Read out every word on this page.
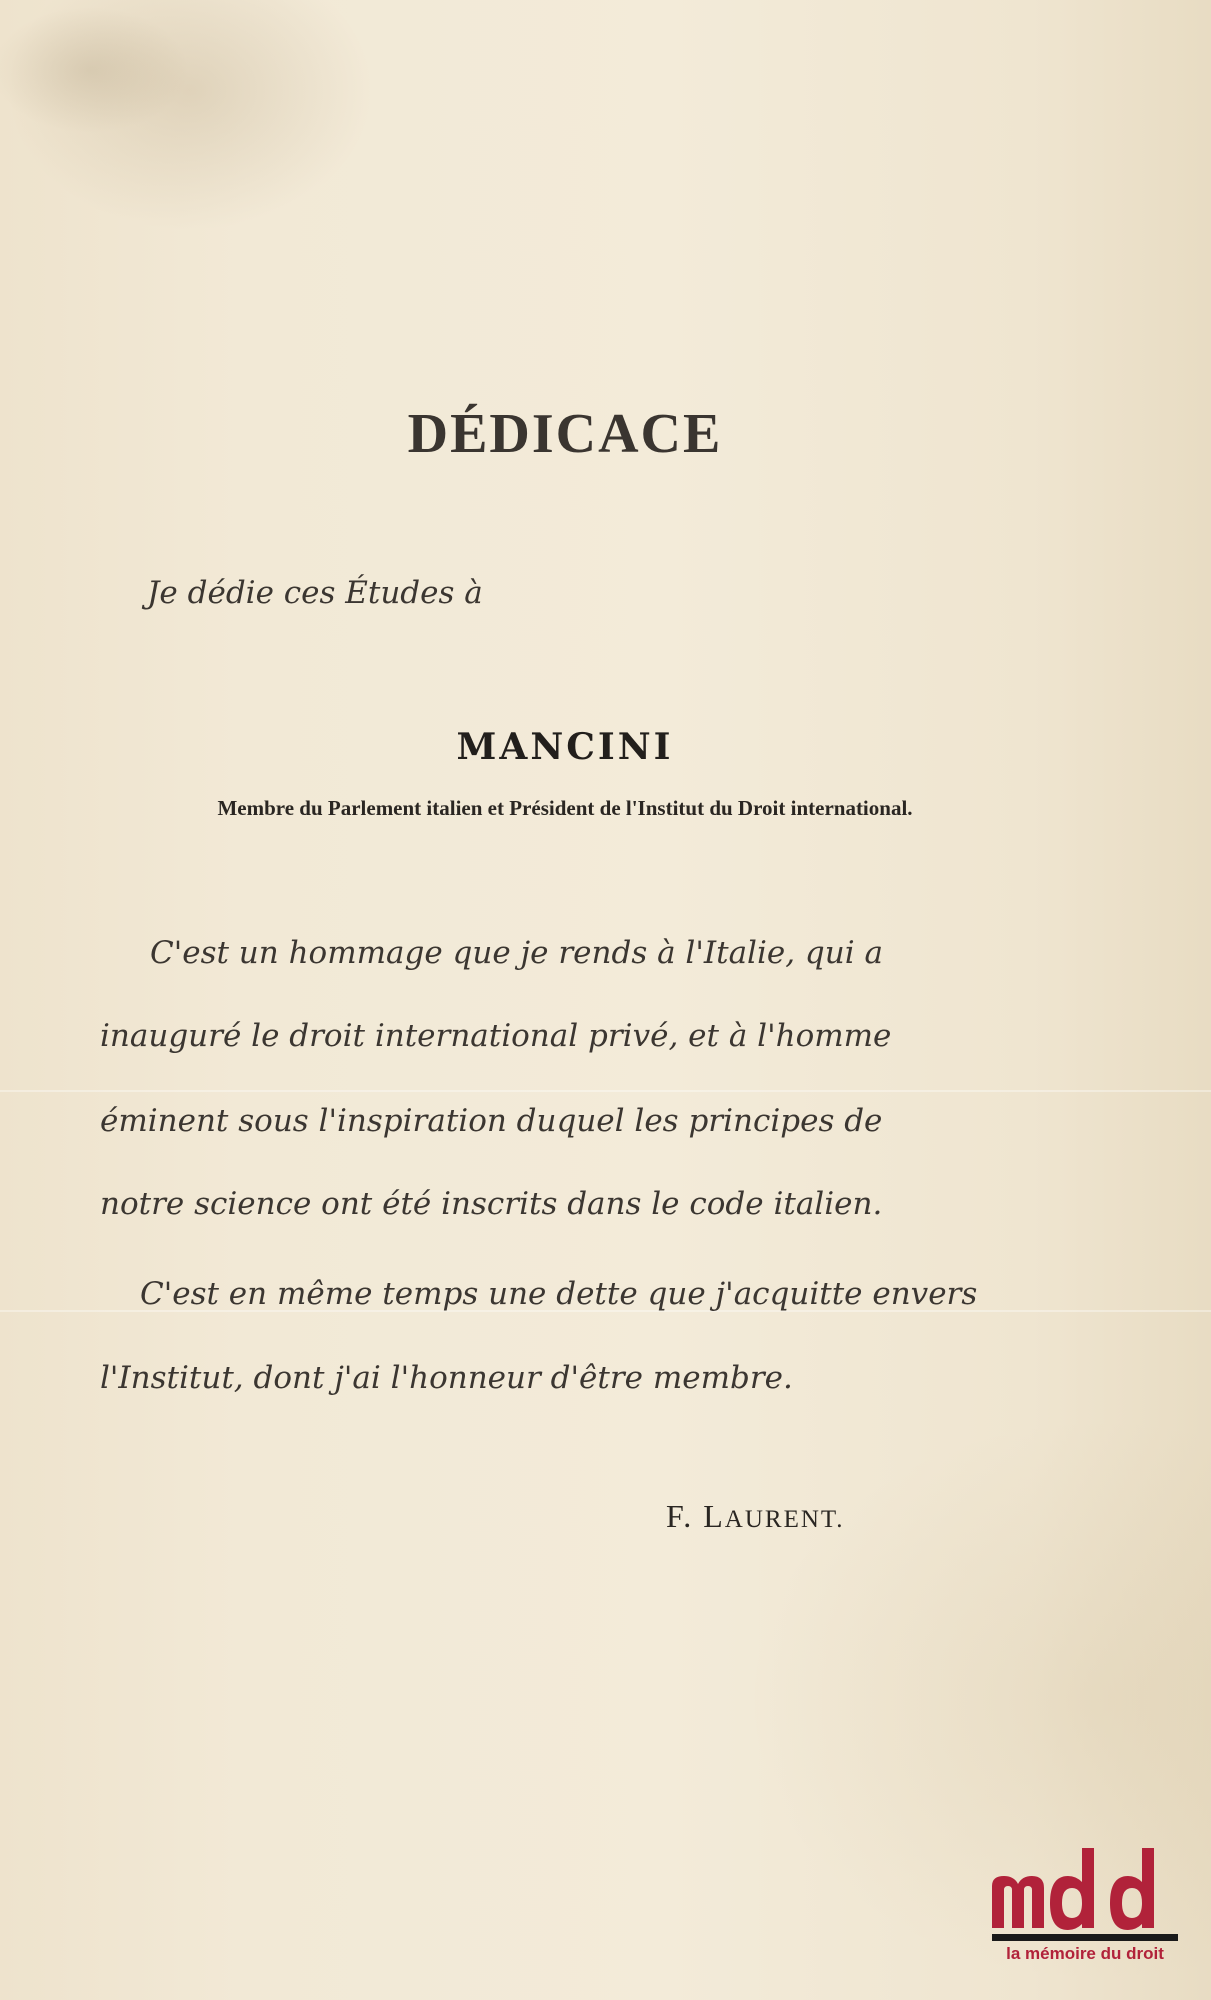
DÉDICACE

Je dédie ces Études à

MANCINI

Membre du Parlement italien et Président de l'Institut du Droit international.

C'est un hommage que je rends à l'Italie, qui a

inauguré le droit international privé, et à l'homme

éminent sous l'inspiration duquel les principes de

notre science ont été inscrits dans le code italien.

C'est en même temps une dette que j'acquitte envers

l'Institut, dont j'ai l'honneur d'être membre.

F. LAURENT.

la mémoire du droit
